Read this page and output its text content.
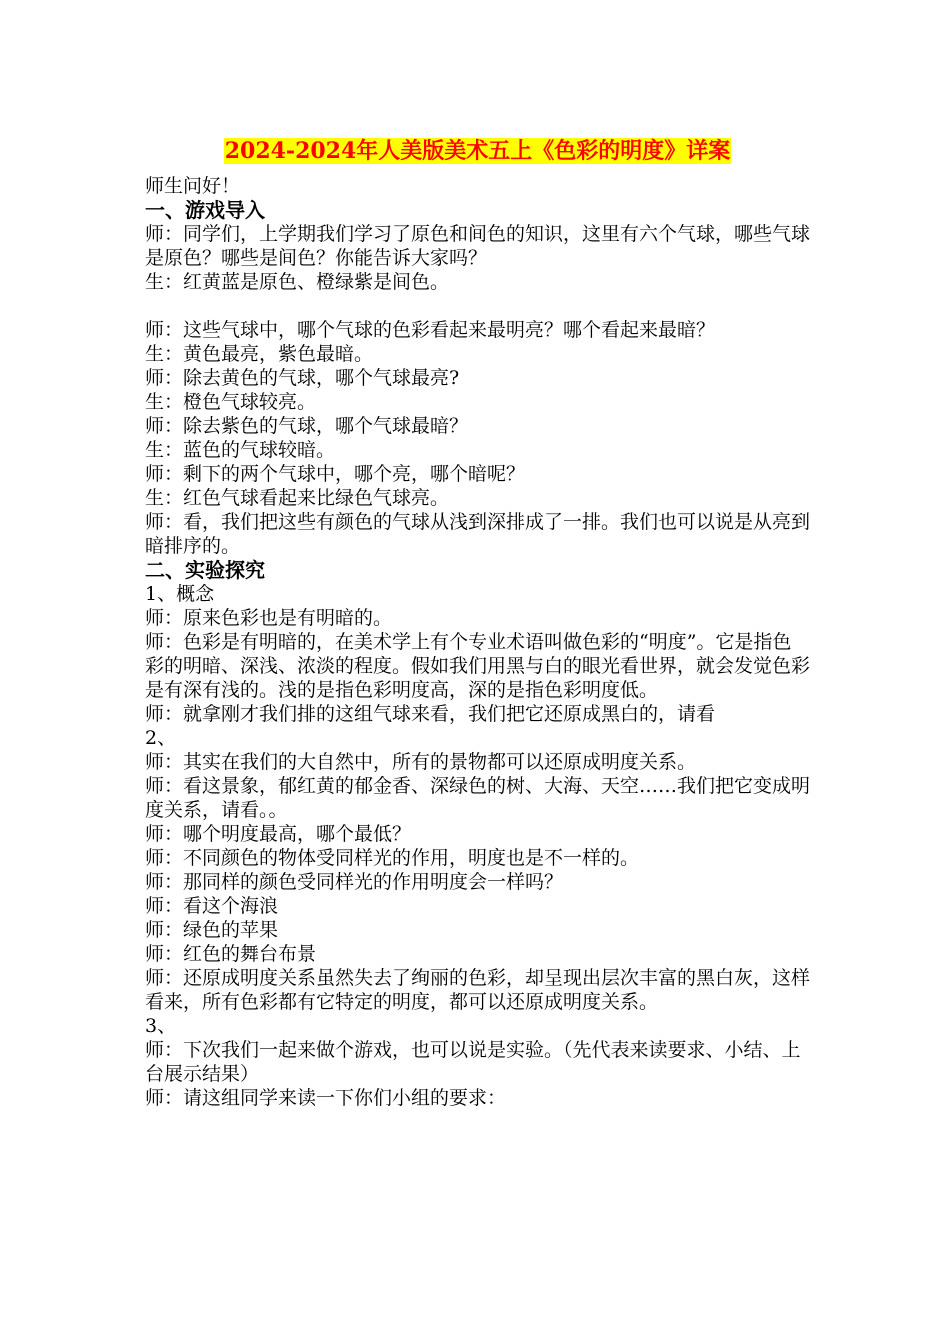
2024-2024年人美版美术五上《色彩的明度》详案

师生问好！

一、游戏导入

师：同学们，上学期我们学习了原色和间色的知识，这里有六个气球，哪些气球是原色？哪些是间色？你能告诉大家吗？

生：红黄蓝是原色、橙绿紫是间色。

师：这些气球中，哪个气球的色彩看起来最明亮？哪个看起来最暗？

生：黄色最亮，紫色最暗。

师：除去黄色的气球，哪个气球最亮?

生：橙色气球较亮。

师：除去紫色的气球，哪个气球最暗？

生：蓝色的气球较暗。

师：剩下的两个气球中，哪个亮，哪个暗呢？

生：红色气球看起来比绿色气球亮。

师：看，我们把这些有颜色的气球从浅到深排成了一排。我们也可以说是从亮到暗排序的。

二、实验探究

1、概念

师：原来色彩也是有明暗的。

师：色彩是有明暗的，在美术学上有个专业术语叫做色彩的“明度”。它是指色彩的明暗、深浅、浓淡的程度。假如我们用黑与白的眼光看世界，就会发觉色彩是有深有浅的。浅的是指色彩明度高，深的是指色彩明度低。

师：就拿刚才我们排的这组气球来看，我们把它还原成黑白的，请看

2、

师：其实在我们的大自然中，所有的景物都可以还原成明度关系。

师：看这景象，郁红黄的郁金香、深绿色的树、大海、天空……我们把它变成明度关系，请看。。

师：哪个明度最高，哪个最低？

师：不同颜色的物体受同样光的作用，明度也是不一样的。

师：那同样的颜色受同样光的作用明度会一样吗？

师：看这个海浪

师：绿色的苹果

师：红色的舞台布景

师：还原成明度关系虽然失去了绚丽的色彩，却呈现出层次丰富的黑白灰，这样看来，所有色彩都有它特定的明度，都可以还原成明度关系。

3、

师：下次我们一起来做个游戏，也可以说是实验。（先代表来读要求、小结、上台展示结果）

师：请这组同学来读一下你们小组的要求：
